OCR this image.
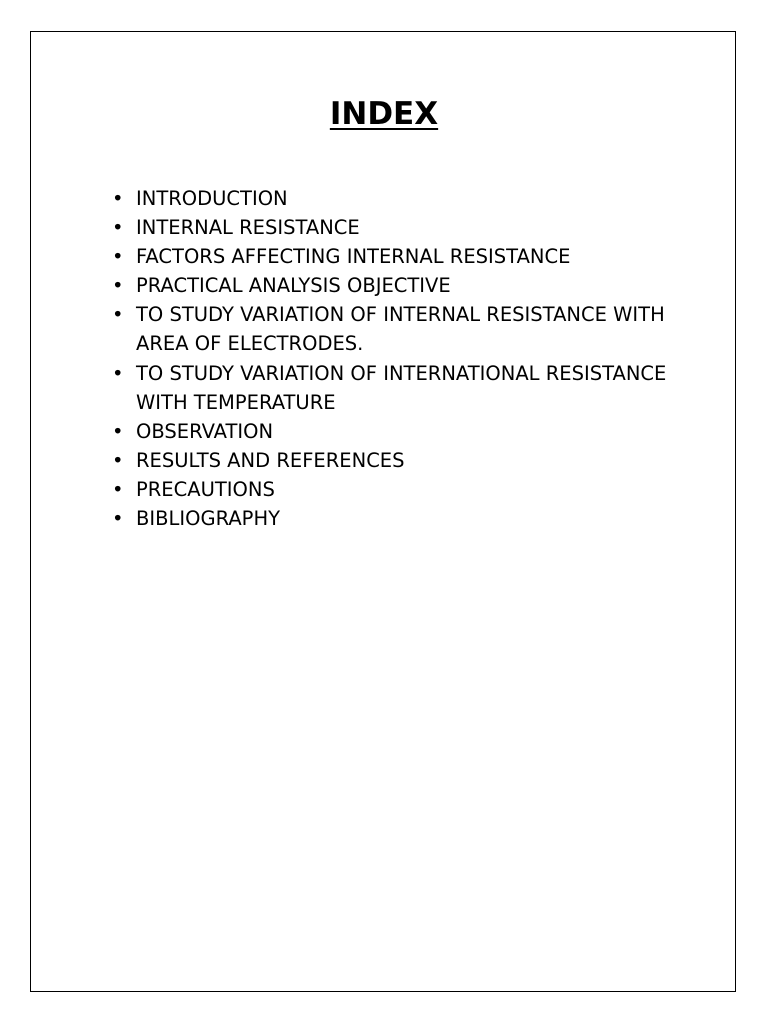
INDEX
• INTRODUCTION
• INTERNAL RESISTANCE
• FACTORS AFFECTING INTERNAL RESISTANCE
• PRACTICAL ANALYSIS OBJECTIVE
• TO STUDY VARIATION OF INTERNAL RESISTANCE WITH AREA OF ELECTRODES.
• TO STUDY VARIATION OF INTERNATIONAL RESISTANCE WITH TEMPERATURE
• OBSERVATION
• RESULTS AND REFERENCES
• PRECAUTIONS
• BIBLIOGRAPHY
